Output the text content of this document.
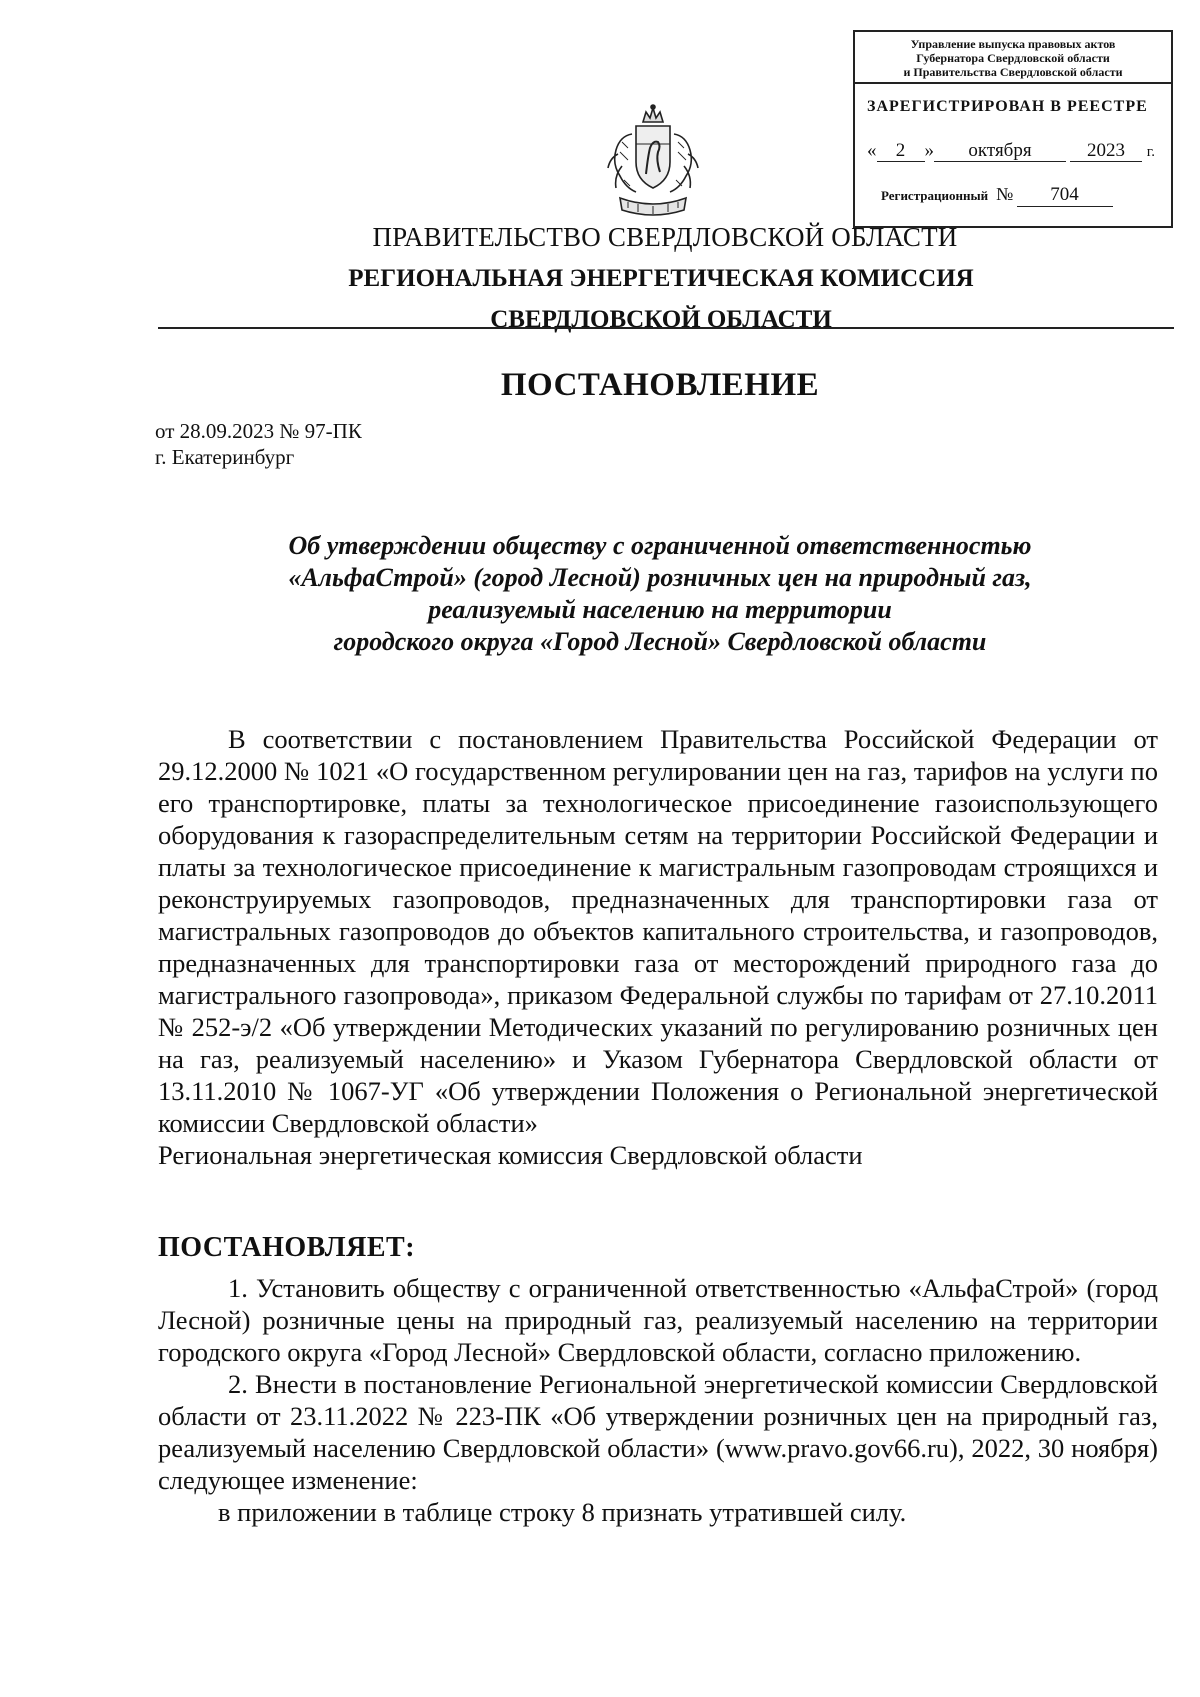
Управление выпуска правовых актов
Губернатора Свердловской области
и Правительства Свердловской области
ЗАРЕГИСТРИРОВАН В РЕЕСТРЕ
« 2 » октября	2023 г.
Регистрационный № 704
ПРАВИТЕЛЬСТВО СВЕРДЛОВСКОЙ ОБЛАСТИ
РЕГИОНАЛЬНАЯ ЭНЕРГЕТИЧЕСКАЯ КОМИССИЯ
СВЕРДЛОВСКОЙ ОБЛАСТИ
ПОСТАНОВЛЕНИЕ
от 28.09.2023 № 97-ПК
г. Екатеринбург
Об утверждении обществу с ограниченной ответственностью
«АльфаСтрой» (город Лесной) розничных цен на природный газ,
реализуемый населению на территории
городского округа «Город Лесной» Свердловской области

В соответствии с постановлением Правительства Российской Федерации от 29.12.2000 № 1021 «О государственном регулировании цен на газ, тарифов на услуги по его транспортировке, платы за технологическое присоединение газоиспользующего оборудования к газораспределительным сетям на территории Российской Федерации и платы за технологическое присоединение к магистральным газопроводам строящихся и реконструируемых газопроводов, предназначенных для транспортировки газа от магистральных газопроводов до объектов капитального строительства, и газопроводов, предназначенных для транспортировки газа от месторождений природного газа до магистрального газопровода», приказом Федеральной службы по тарифам от 27.10.2011 № 252-э/2 «Об утверждении Методических указаний по регулированию розничных цен на газ, реализуемый населению» и Указом Губернатора Свердловской области от 13.11.2010 № 1067-УГ «Об утверждении Положения о Региональной энергетической комиссии Свердловской области»

Региональная энергетическая комиссия Свердловской области

ПОСТАНОВЛЯЕТ:

1. Установить обществу с ограниченной ответственностью «АльфаСтрой» (город Лесной) розничные цены на природный газ, реализуемый населению на территории городского округа «Город Лесной» Свердловской области, согласно приложению.

2. Внести в постановление Региональной энергетической комиссии Свердловской области от 23.11.2022 № 223-ПК «Об утверждении розничных цен на природный газ, реализуемый населению Свердловской области» (www.pravo.gov66.ru), 2022, 30 ноября) следующее изменение:

в приложении в таблице строку 8 признать утратившей силу.
